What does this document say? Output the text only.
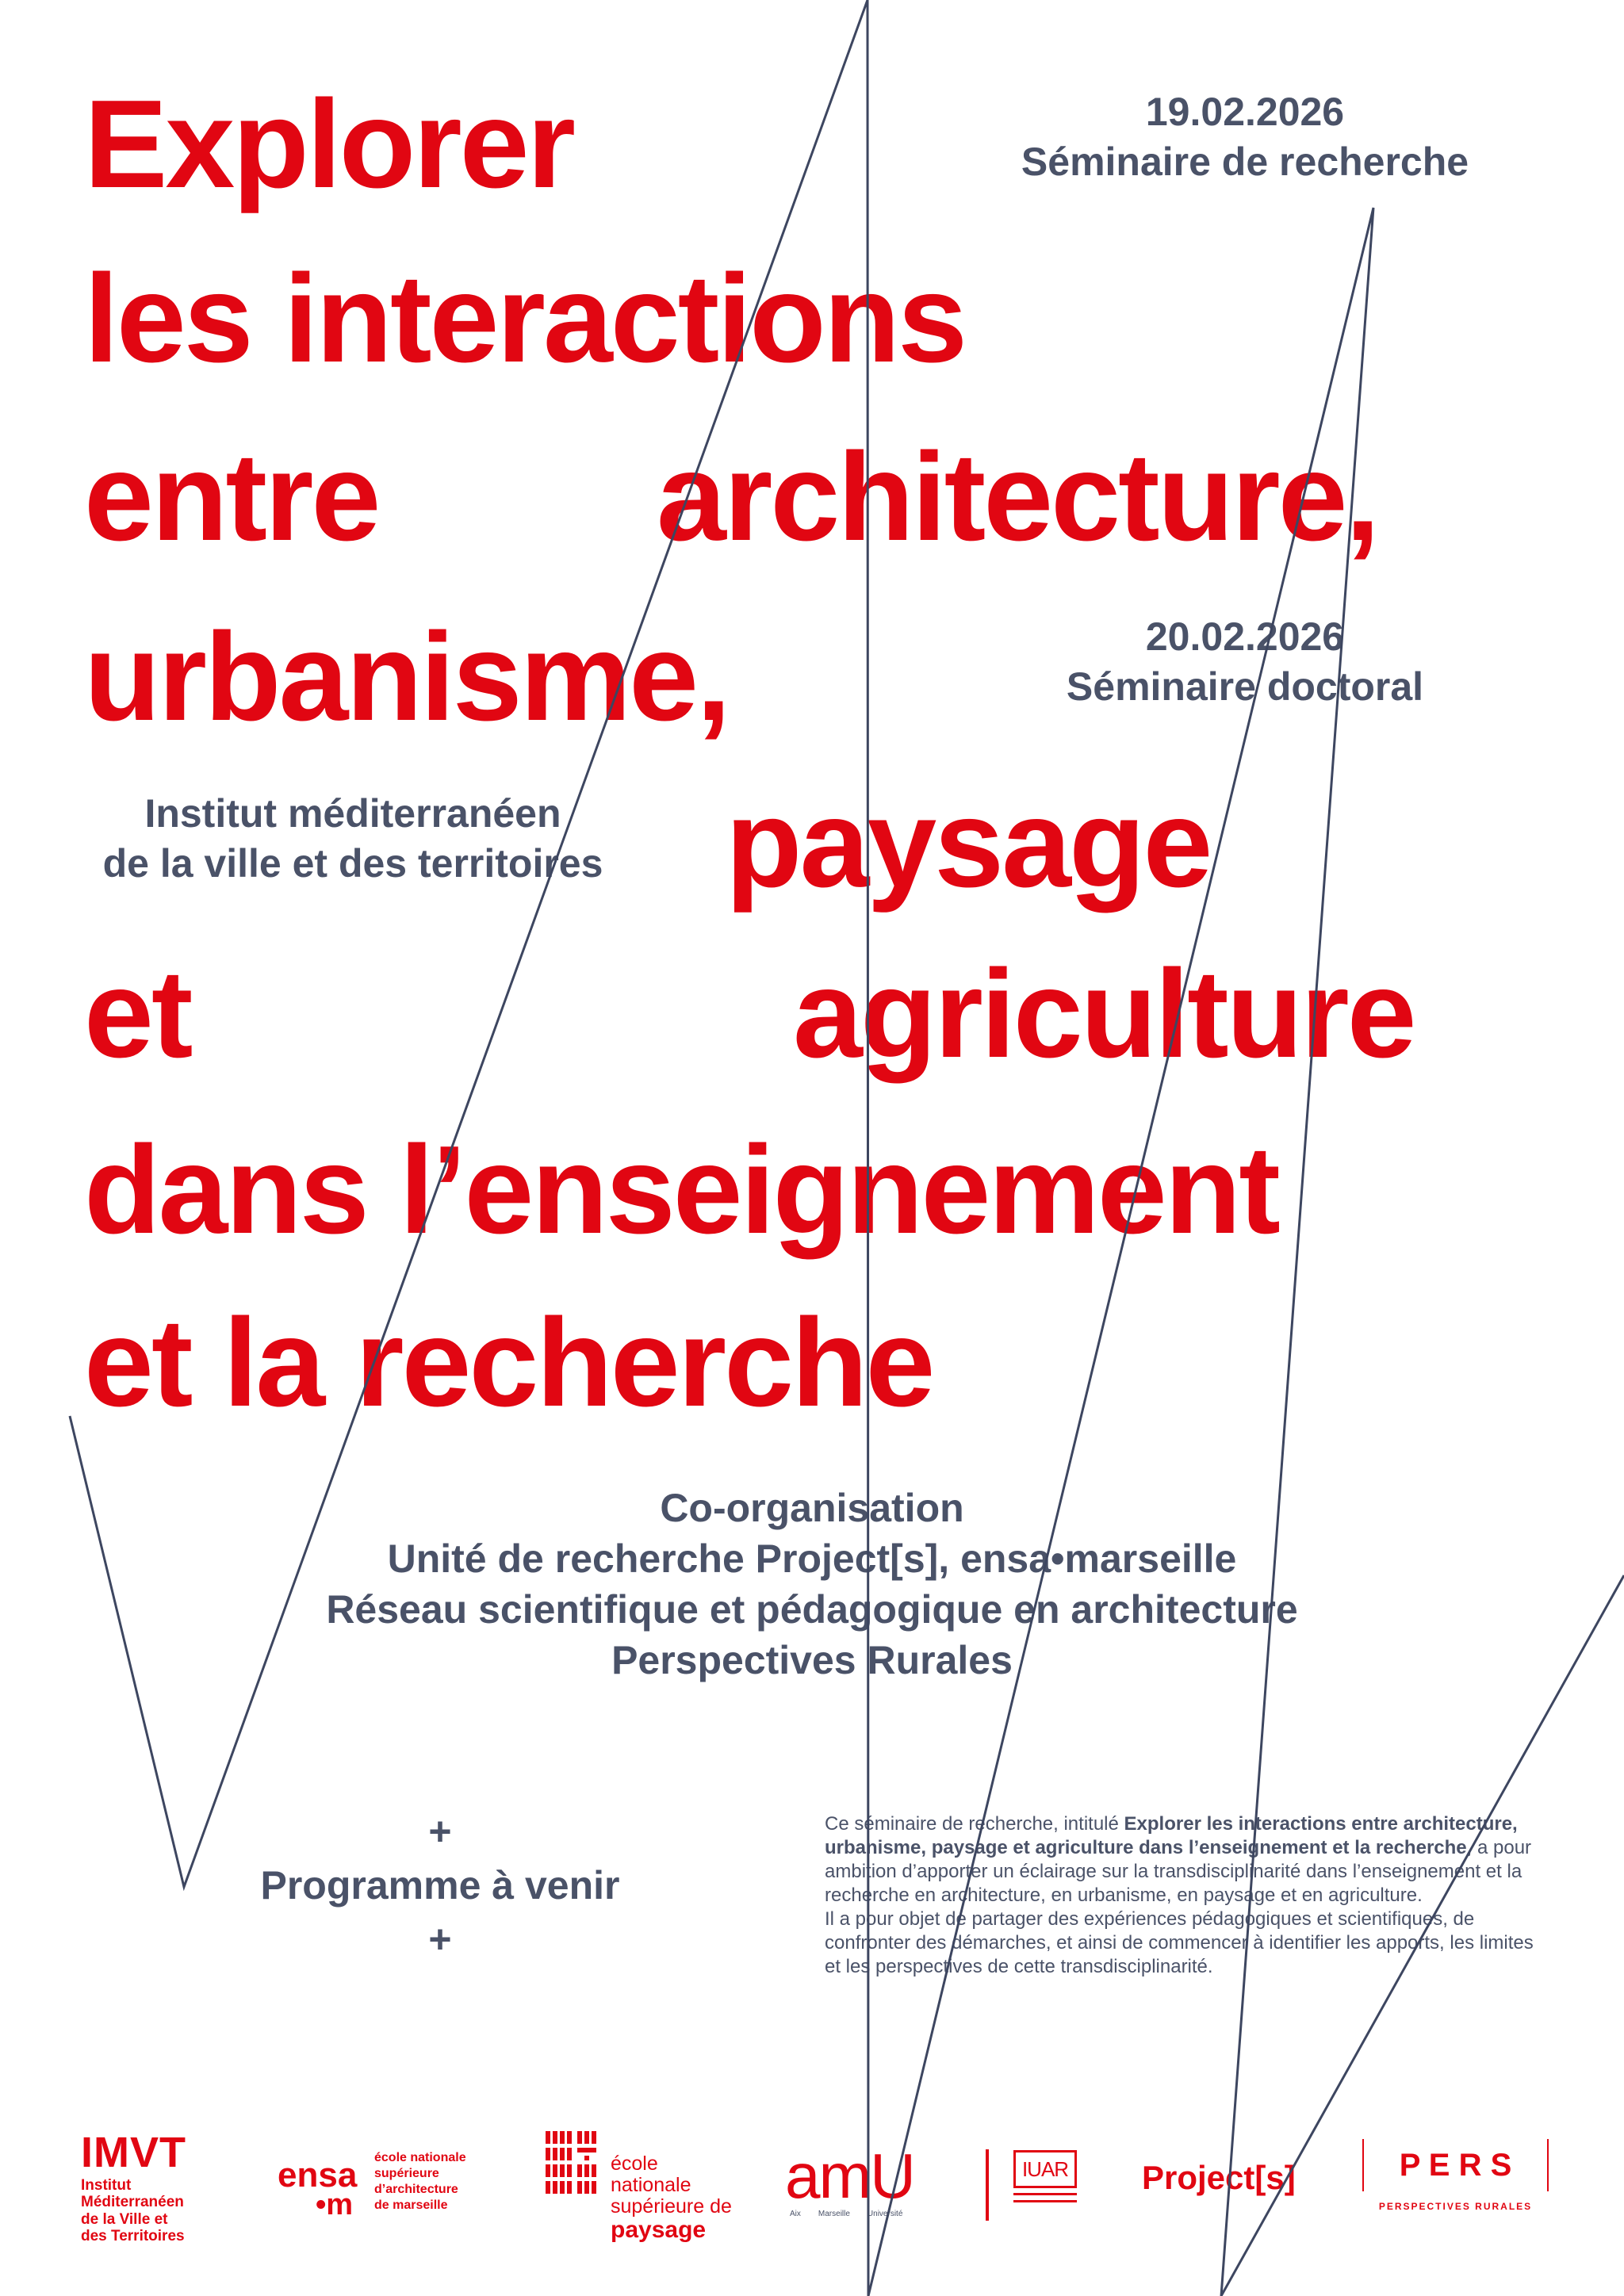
Explorer
les interactions
entre architecture,
urbanisme,
paysage
et	agriculture
dans l’enseignement
et la recherche
19.02.2026
Séminaire de recherche
20.02.2026
Séminaire doctoral
Institut méditerranéen
de la ville et des territoires
Co-organisation
Unité de recherche Project[s], ensa•marseille
Réseau scientifique et pédagogique en architecture
Perspectives Rurales
+
Programme à venir
+
Ce séminaire de recherche, intitulé Explorer les interactions entre architecture, urbanisme, paysage et agriculture dans l’enseignement et la recherche, a pour ambition d’apporter un éclairage sur la transdisciplinarité dans l’enseignement et la recherche en architecture, en urbanisme, en paysage et en agriculture.
Il a pour objet de partager des expériences pédagogiques et scientifiques, de confronter des démarches, et ainsi de commencer à identifier les apports, les limites et les perspectives de cette transdisciplinarité.
IMVT
Institut
Méditerranéen
de la Ville et
des Territoires
ensa
•m
école nationale
supérieure
d’architecture
de marseille
école
nationale
supérieure de
paysage
amU
Aix Marseille Université
IUAR Project[s]	P E R S
PERSPECTIVES RURALES
